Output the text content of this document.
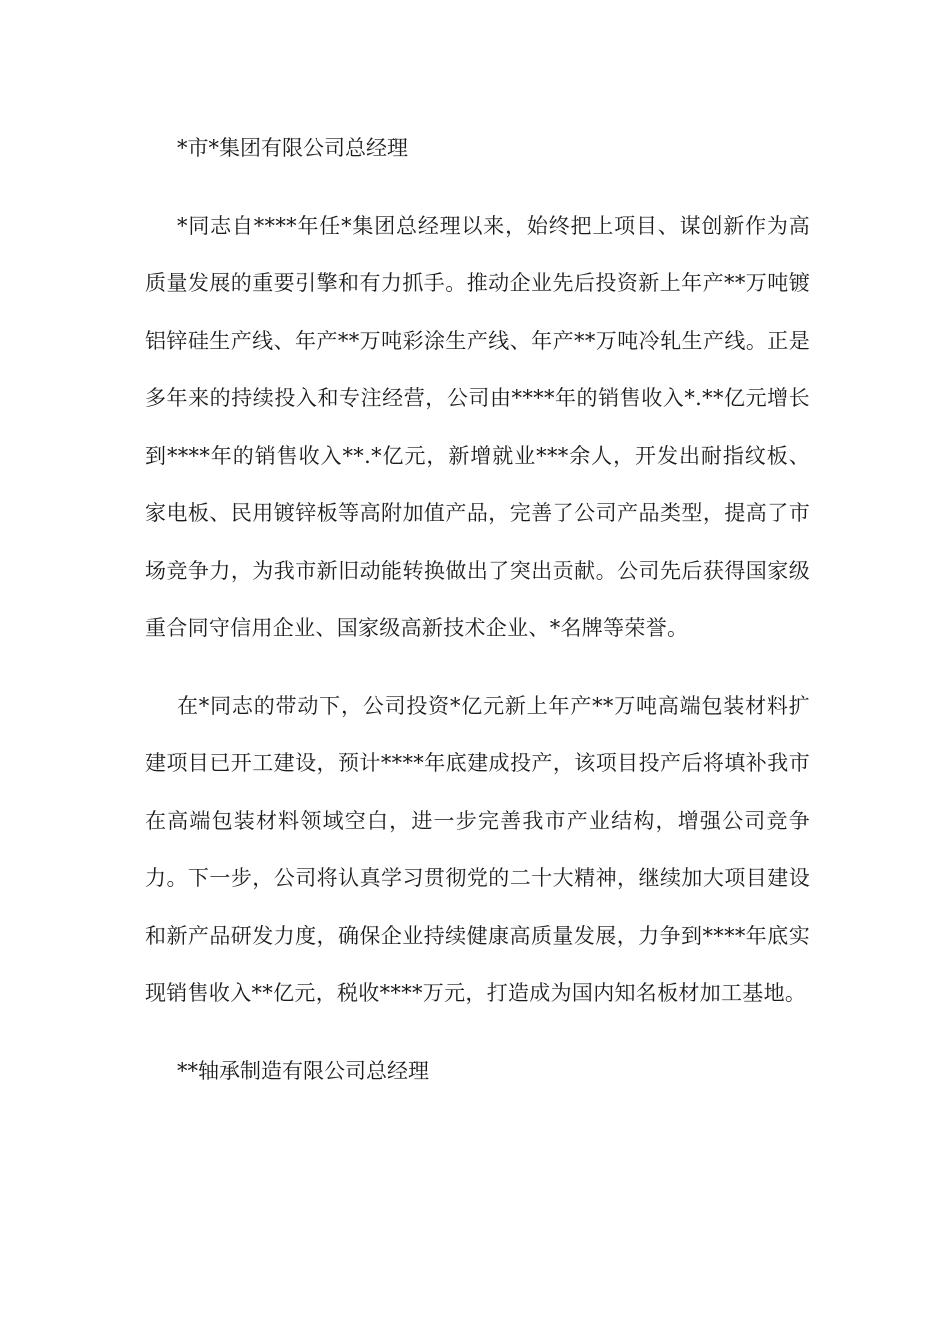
*市*集团有限公司总经理

*同志自****年任*集团总经理以来，始终把上项目、谋创新作为高质量发展的重要引擎和有力抓手。推动企业先后投资新上年产**万吨镀铝锌硅生产线、年产**万吨彩涂生产线、年产**万吨冷轧生产线。正是多年来的持续投入和专注经营，公司由****年的销售收入*.**亿元增长到****年的销售收入**.*亿元，新增就业***余人，开发出耐指纹板、家电板、民用镀锌板等高附加值产品，完善了公司产品类型，提高了市场竞争力，为我市新旧动能转换做出了突出贡献。公司先后获得国家级重合同守信用企业、国家级高新技术企业、*名牌等荣誉。

在*同志的带动下，公司投资*亿元新上年产**万吨高端包装材料扩建项目已开工建设，预计****年底建成投产，该项目投产后将填补我市在高端包装材料领域空白，进一步完善我市产业结构，增强公司竞争力。下一步，公司将认真学习贯彻党的二十大精神，继续加大项目建设和新产品研发力度，确保企业持续健康高质量发展，力争到****年底实现销售收入**亿元，税收****万元，打造成为国内知名板材加工基地。

**轴承制造有限公司总经理
